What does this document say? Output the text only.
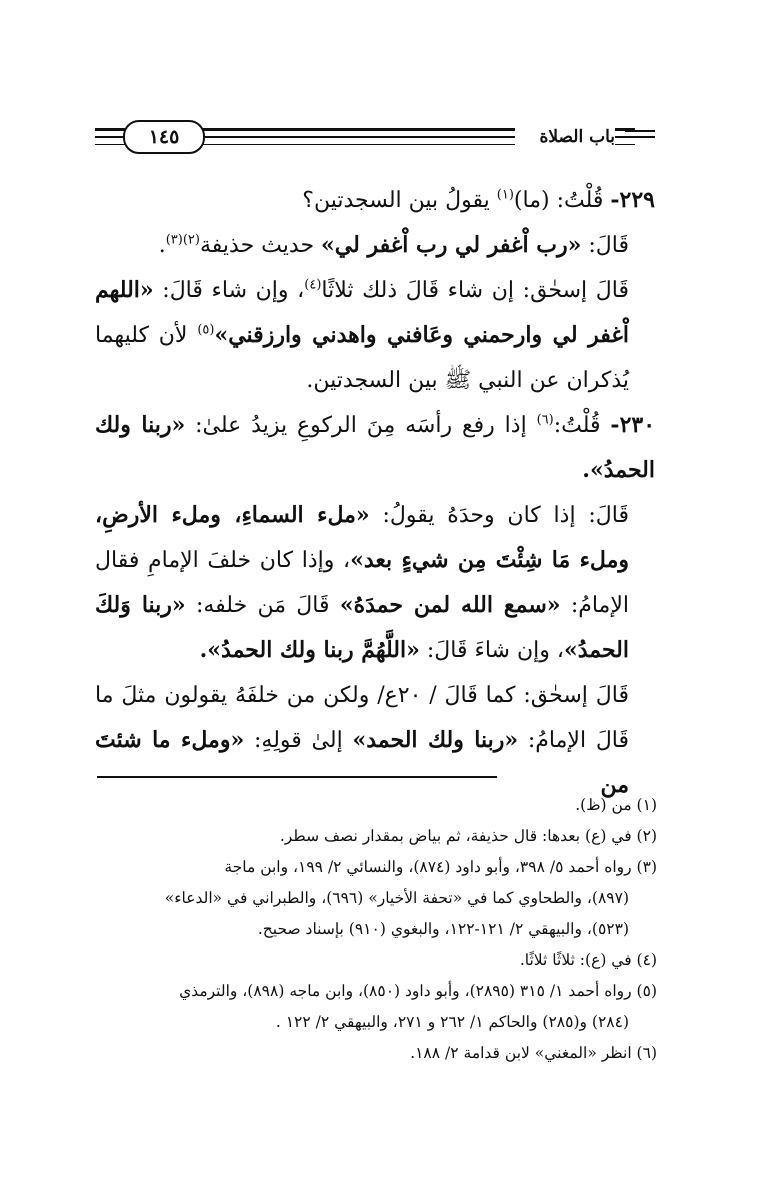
١٤٥	باب الصلاة

٢٢٩- قُلْتُ: (ما)$^{(١)}$ يقولُ بين السجدتين؟

قَالَ: «رب اْغفر لي رب اْغفر لي» حديث حذيفة$^{(٢)(٣)}$.

قَالَ إسحٰق: إن شاء قَالَ ذلك ثلاثًا$^{(٤)}$، وإن شاء قَالَ: «اللهم اْغفر لي وارحمني وعَافني واهدني وارزقني»$^{(٥)}$ لأن كليهما يُذكران عن النبي ﷺ بين السجدتين.

٢٣٠- قُلْتُ:$^{(٦)}$ إذا رفع رأسَه مِنَ الركوعِ يزيدُ علىٰ: «ربنا ولك الحمدُ».

قَالَ: إذا كان وحدَهُ يقولُ: «ملء السماءِ، وملء الأرضِ، وملء مَا شِئْتَ مِن شيءٍ بعد»، وإذا كان خلفَ الإمامِ فقال الإمامُ: «سمع الله لمن حمدَهُ» قَالَ مَن خلفه: «ربنا وَلكَ الحمدُ»، وإن شاءَ قَالَ: «اللَّهُمَّ ربنا ولك الحمدُ».

قَالَ إسحٰق: كما قَالَ / ٢٠ع/ ولكن من خلفَهُ يقولون مثلَ ما قَالَ الإمامُ: «ربنا ولك الحمد» إلىٰ قولِهِ: «وملء ما شئتَ من

(١) من (ظ).

(٢) في (ع) بعدها: قال حذيفة، ثم بياض بمقدار نصف سطر.

(٣) رواه أحمد ٥/ ٣٩٨، وأبو داود (٨٧٤)، والنسائي ٢/ ١٩٩، وابن ماجة

(٨٩٧)، والطحاوي كما في «تحفة الأخيار» (٦٩٦)، والطبراني في «الدعاء»

(٥٢٣)، والبيهقي ٢/ ١٢١-١٢٢، والبغوي (٩١٠) بإسناد صحيح.

(٤) في (ع): ثلاثًا ثلاثًا.

(٥) رواه أحمد ١/ ٣١٥ (٢٨٩٥)، وأبو داود (٨٥٠)، وابن ماجه (٨٩٨)، والترمذي

(٢٨٤) و(٢٨٥) والحاكم ١/ ٢٦٢ و ٢٧١، والبيهقي ٢/ ١٢٢ .

(٦) انظر «المغني» لابن قدامة ٢/ ١٨٨.
